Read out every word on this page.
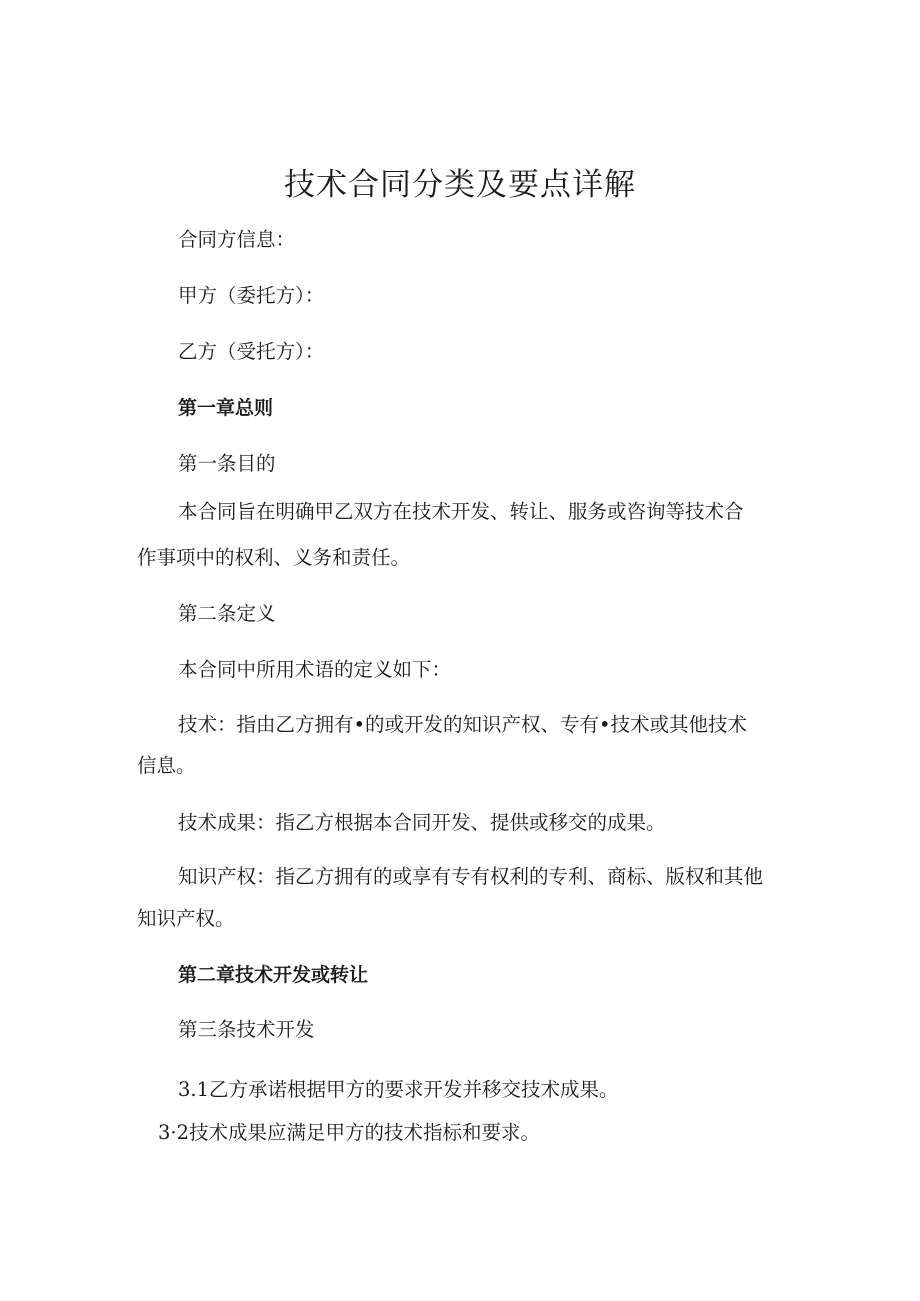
技术合同分类及要点详解

合同方信息：

甲方（委托方）：

乙方（受托方）：

第一章总则

第一条目的

本合同旨在明确甲乙双方在技术开发、转让、服务或咨询等技术合

作事项中的权利、义务和责任。

第二条定义

本合同中所用术语的定义如下：

技术：指由乙方拥有•的或开发的知识产权、专有•技术或其他技术

信息。

技术成果：指乙方根据本合同开发、提供或移交的成果。

知识产权：指乙方拥有的或享有专有权利的专利、商标、版权和其他

知识产权。

第二章技术开发或转让

第三条技术开发

3.1乙方承诺根据甲方的要求开发并移交技术成果。

3·2技术成果应满足甲方的技术指标和要求。
